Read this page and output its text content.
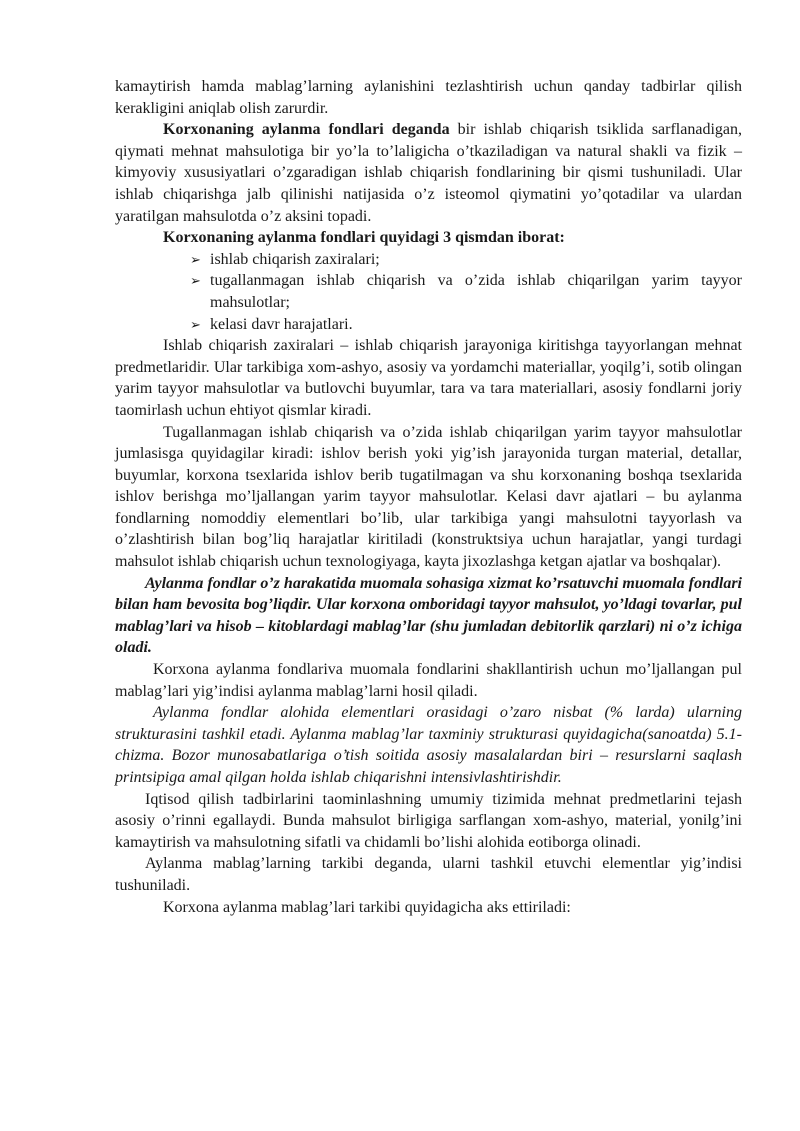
kamaytirish hamda mablag’larning aylanishini tezlashtirish uchun qanday tadbirlar qilish kerakligini aniqlab olish zarurdir.

Korxonaning aylanma fondlari deganda bir ishlab chiqarish tsiklida sarflanadigan, qiymati mehnat mahsulotiga bir yo’la to’laligicha o’tkaziladigan va natural shakli va fizik – kimyoviy xususiyatlari o’zgaradigan ishlab chiqarish fondlarining bir qismi tushuniladi. Ular ishlab chiqarishga jalb qilinishi natijasida o’z isteomol qiymatini yo’qotadilar va ulardan yaratilgan mahsulotda o’z aksini topadi.

Korxonaning aylanma fondlari quyidagi 3 qismdan iborat:

➢ ishlab chiqarish zaxiralari;
➢ tugallanmagan ishlab chiqarish va o’zida ishlab chiqarilgan yarim tayyor mahsulotlar;
➢ kelasi davr harajatlari.

Ishlab chiqarish zaxiralari – ishlab chiqarish jarayoniga kiritishga tayyorlangan mehnat predmetlaridir. Ular tarkibiga xom-ashyo, asosiy va yordamchi materiallar, yoqilg’i, sotib olingan yarim tayyor mahsulotlar va butlovchi buyumlar, tara va tara materiallari, asosiy fondlarni joriy taomirlash uchun ehtiyot qismlar kiradi.

Tugallanmagan ishlab chiqarish va o’zida ishlab chiqarilgan yarim tayyor mahsulotlar jumlasisga quyidagilar kiradi: ishlov berish yoki yig’ish jarayonida turgan material, detallar, buyumlar, korxona tsexlarida ishlov berib tugatilmagan va shu korxonaning boshqa tsexlarida ishlov berishga mo’ljallangan yarim tayyor mahsulotlar. Kelasi davr ajatlari – bu aylanma fondlarning nomoddiy elementlari bo’lib, ular tarkibiga yangi mahsulotni tayyorlash va o’zlashtirish bilan bog’liq harajatlar kiritiladi (konstruktsiya uchun harajatlar, yangi turdagi mahsulot ishlab chiqarish uchun texnologiyaga, kayta jixozlashga ketgan ajatlar va boshqalar).

Aylanma fondlar o’z harakatida muomala sohasiga xizmat ko’rsatuvchi muomala fondlari bilan ham bevosita bog’liqdir. Ular korxona omboridagi tayyor mahsulot, yo’ldagi tovarlar, pul mablag’lari va hisob – kitoblardagi mablag’lar (shu jumladan debitorlik qarzlari) ni o’z ichiga oladi.

Korxona aylanma fondlariva muomala fondlarini shakllantirish uchun mo’ljallangan pul mablag’lari yig’indisi aylanma mablag’larni hosil qiladi.

Aylanma fondlar alohida elementlari orasidagi o’zaro nisbat (% larda) ularning strukturasini tashkil etadi. Aylanma mablag’lar taxminiy strukturasi quyidagicha(sanoatda) 5.1- chizma. Bozor munosabatlariga o’tish soitida asosiy masalalardan biri – resurslarni saqlash printsipiga amal qilgan holda ishlab chiqarishni intensivlashtirishdir.

Iqtisod qilish tadbirlarini taominlashning umumiy tizimida mehnat predmetlarini tejash asosiy o’rinni egallaydi. Bunda mahsulot birligiga sarflangan xom-ashyo, material, yonilg’ini kamaytirish va mahsulotning sifatli va chidamli bo’lishi alohida eotiborga olinadi.

Aylanma mablag’larning tarkibi deganda, ularni tashkil etuvchi elementlar yig’indisi tushuniladi.

Korxona aylanma mablag’lari tarkibi quyidagicha aks ettiriladi:
